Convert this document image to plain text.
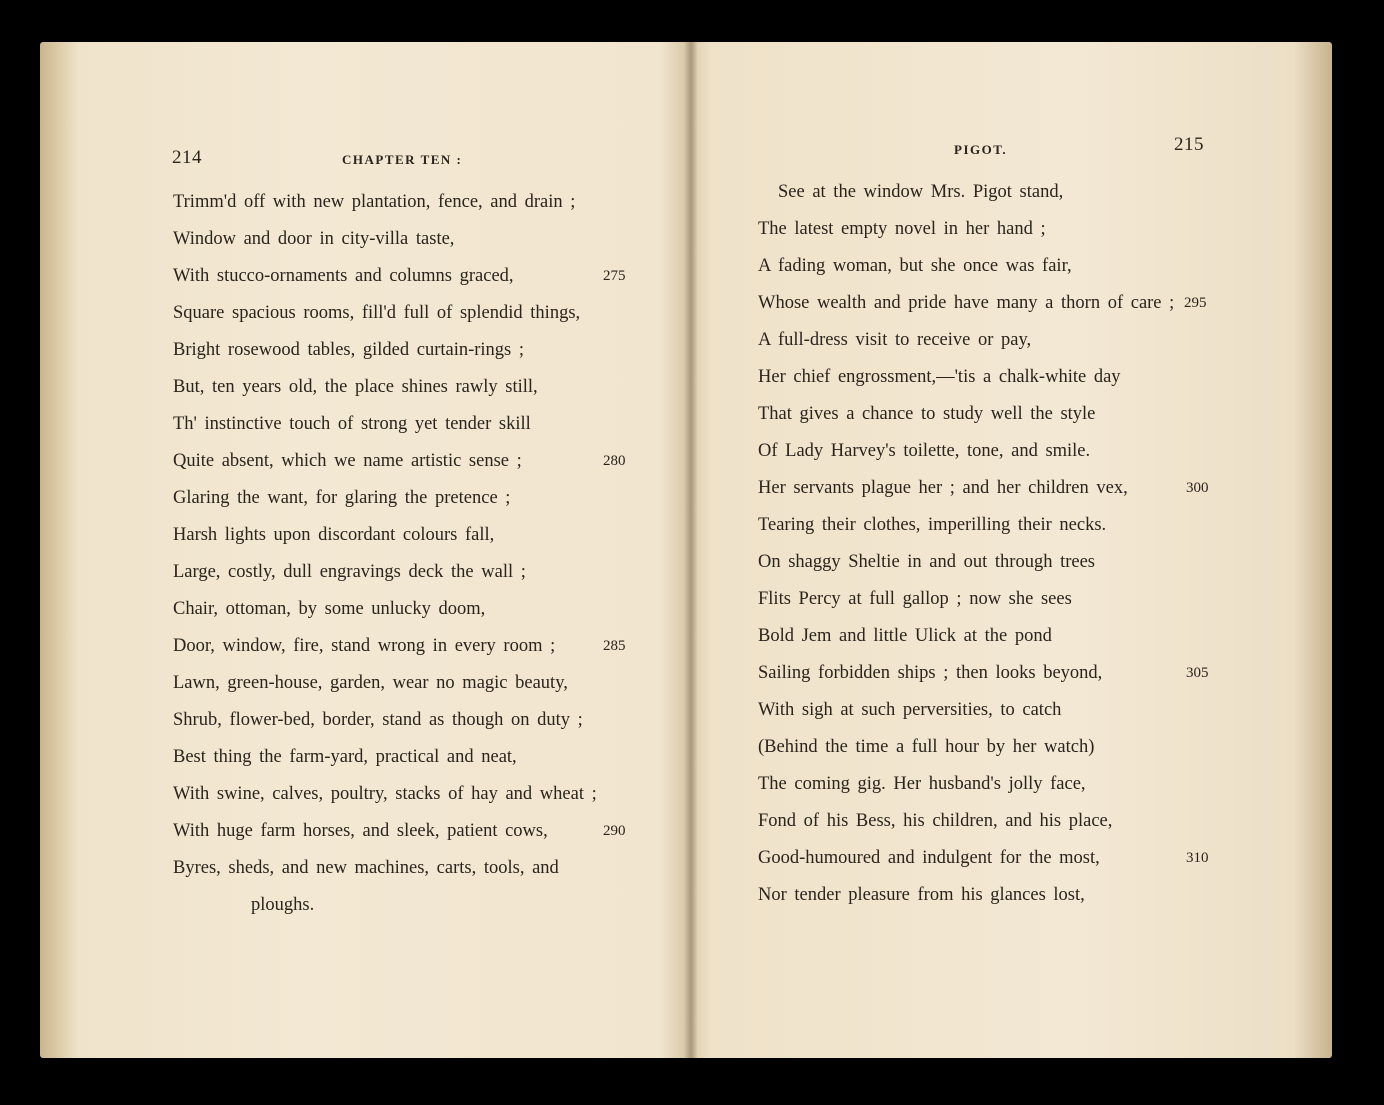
214	CHAPTER TEN :
Trimm'd off with new plantation, fence, and drain ;
Window and door in city-villa taste,
With stucco-ornaments and columns graced,	275
Square spacious rooms, fill'd full of splendid things,
Bright rosewood tables, gilded curtain-rings ;
But, ten years old, the place shines rawly still,
Th' instinctive touch of strong yet tender skill
Quite absent, which we name artistic sense ;	280
Glaring the want, for glaring the pretence ;
Harsh lights upon discordant colours fall,
Large, costly, dull engravings deck the wall ;
Chair, ottoman, by some unlucky doom,
Door, window, fire, stand wrong in every room ;	285
Lawn, green-house, garden, wear no magic beauty,
Shrub, flower-bed, border, stand as though on duty ;
Best thing the farm-yard, practical and neat,
With swine, calves, poultry, stacks of hay and wheat ;
With huge farm horses, and sleek, patient cows,	290
Byres, sheds, and new machines, carts, tools, and
ploughs.
215
PIGOT.
See at the window Mrs. Pigot stand,
The latest empty novel in her hand ;
A fading woman, but she once was fair,
Whose wealth and pride have many a thorn of care ; 295
A full-dress visit to receive or pay,
Her chief engrossment,—'tis a chalk-white day
That gives a chance to study well the style
Of Lady Harvey's toilette, tone, and smile.
Her servants plague her ; and her children vex,	300
Tearing their clothes, imperilling their necks.
On shaggy Sheltie in and out through trees
Flits Percy at full gallop ; now she sees
Bold Jem and little Ulick at the pond
Sailing forbidden ships ; then looks beyond,	305
With sigh at such perversities, to catch
(Behind the time a full hour by her watch)
The coming gig. Her husband's jolly face,
Fond of his Bess, his children, and his place,
Good-humoured and indulgent for the most,	310
Nor tender pleasure from his glances lost,
